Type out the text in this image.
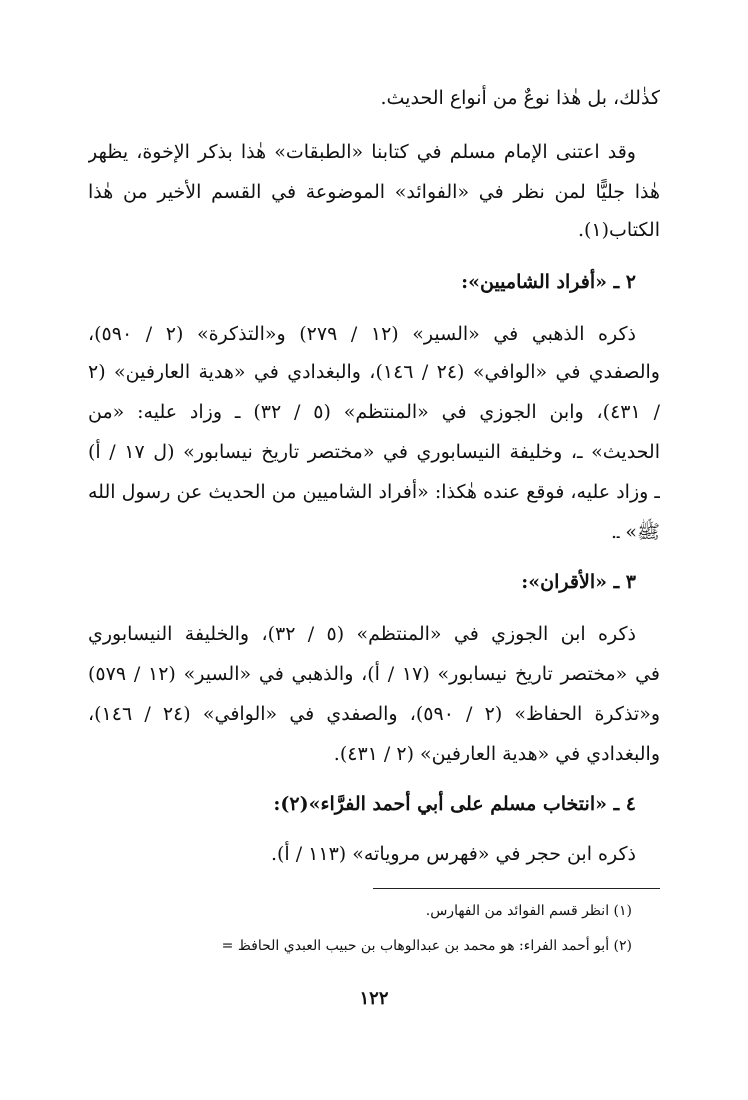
كذٰلك، بل هٰذا نوعٌ من أنواع الحديث.
وقد اعتنى الإمام مسلم في كتابنا «الطبقات» هٰذا بذكر الإخوة، يظهر
هٰذا جليًّا لمن نظر في «الفوائد» الموضوعة في القسم الأخير من هٰذا
الكتاب(١).
٢ ـ «أفراد الشاميين»:
ذكره الذهبي في «السير» (١٢ / ٢٧٩) و«التذكرة» (٢ / ٥٩٠)،
والصفدي في «الوافي» (٢٤ / ١٤٦)، والبغدادي في «هدية العارفين» (٢
/ ٤٣١)، وابن الجوزي في «المنتظم» (٥ / ٣٢) ـ وزاد عليه: «من
الحديث» ـ، وخليفة النيسابوري في «مختصر تاريخ نيسابور» (ل ١٧ / أ)
ـ وزاد عليه، فوقع عنده هٰكذا: «أفراد الشاميين من الحديث عن رسول الله
ﷺ» ـ.
٣ ـ «الأقران»:
ذكره ابن الجوزي في «المنتظم» (٥ / ٣٢)، والخليفة النيسابوري
في «مختصر تاريخ نيسابور» (١٧ / أ)، والذهبي في «السير» (١٢ / ٥٧٩)
و«تذكرة الحفاظ» (٢ / ٥٩٠)، والصفدي في «الوافي» (٢٤ / ١٤٦)،
والبغدادي في «هدية العارفين» (٢ / ٤٣١).
٤ ـ «انتخاب مسلم على أبي أحمد الفرَّاء»(٢):
ذكره ابن حجر في «فهرس مروياته» (١١٣ / أ).
(١) انظر قسم الفوائد من الفهارس.
(٢) أبو أحمد الفراء: هو محمد بن عبدالوهاب بن حبيب العبدي الحافظ =
١٢٢
